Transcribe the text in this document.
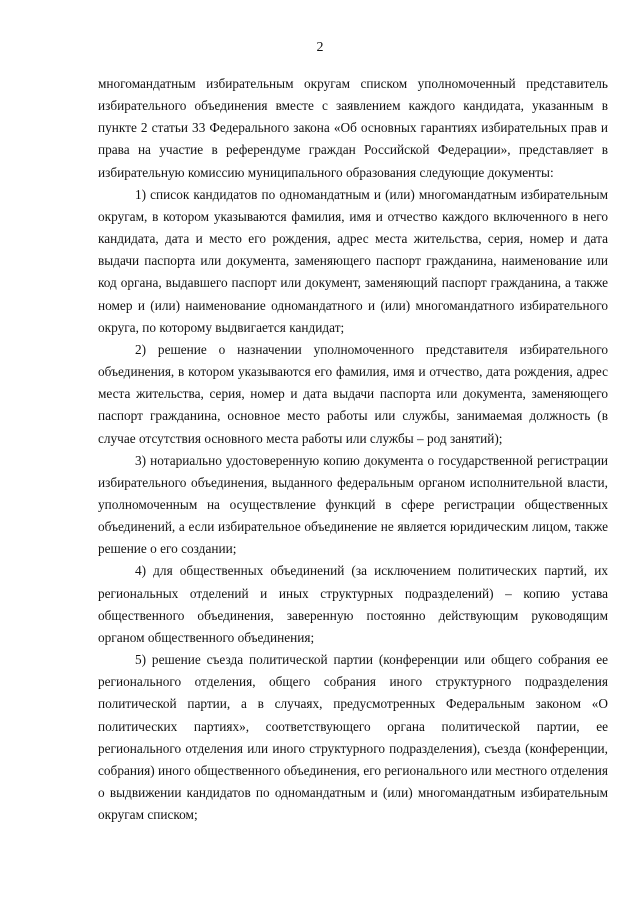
2

многомандатным избирательным округам списком уполномоченный представитель избирательного объединения вместе с заявлением каждого кандидата, указанным в пункте 2 статьи 33 Федерального закона «Об основных гарантиях избирательных прав и права на участие в референдуме граждан Российской Федерации», представляет в избирательную комиссию муниципального образования следующие документы:

1) список кандидатов по одномандатным и (или) многомандатным избирательным округам, в котором указываются фамилия, имя и отчество каждого включенного в него кандидата, дата и место его рождения, адрес места жительства, серия, номер и дата выдачи паспорта или документа, заменяющего паспорт гражданина, наименование или код органа, выдавшего паспорт или документ, заменяющий паспорт гражданина, а также номер и (или) наименование одномандатного и (или) многомандатного избирательного округа, по которому выдвигается кандидат;

2) решение о назначении уполномоченного представителя избирательного объединения, в котором указываются его фамилия, имя и отчество, дата рождения, адрес места жительства, серия, номер и дата выдачи паспорта или документа, заменяющего паспорт гражданина, основное место работы или службы, занимаемая должность (в случае отсутствия основного места работы или службы – род занятий);

3) нотариально удостоверенную копию документа о государственной регистрации избирательного объединения, выданного федеральным органом исполнительной власти, уполномоченным на осуществление функций в сфере регистрации общественных объединений, а если избирательное объединение не является юридическим лицом, также решение о его создании;

4) для общественных объединений (за исключением политических партий, их региональных отделений и иных структурных подразделений) – копию устава общественного объединения, заверенную постоянно действующим руководящим органом общественного объединения;

5) решение съезда политической партии (конференции или общего собрания ее регионального отделения, общего собрания иного структурного подразделения политической партии, а в случаях, предусмотренных Федеральным законом «О политических партиях», соответствующего органа политической партии, ее регионального отделения или иного структурного подразделения), съезда (конференции, собрания) иного общественного объединения, его регионального или местного отделения о выдвижении кандидатов по одномандатным и (или) многомандатным избирательным округам списком;
